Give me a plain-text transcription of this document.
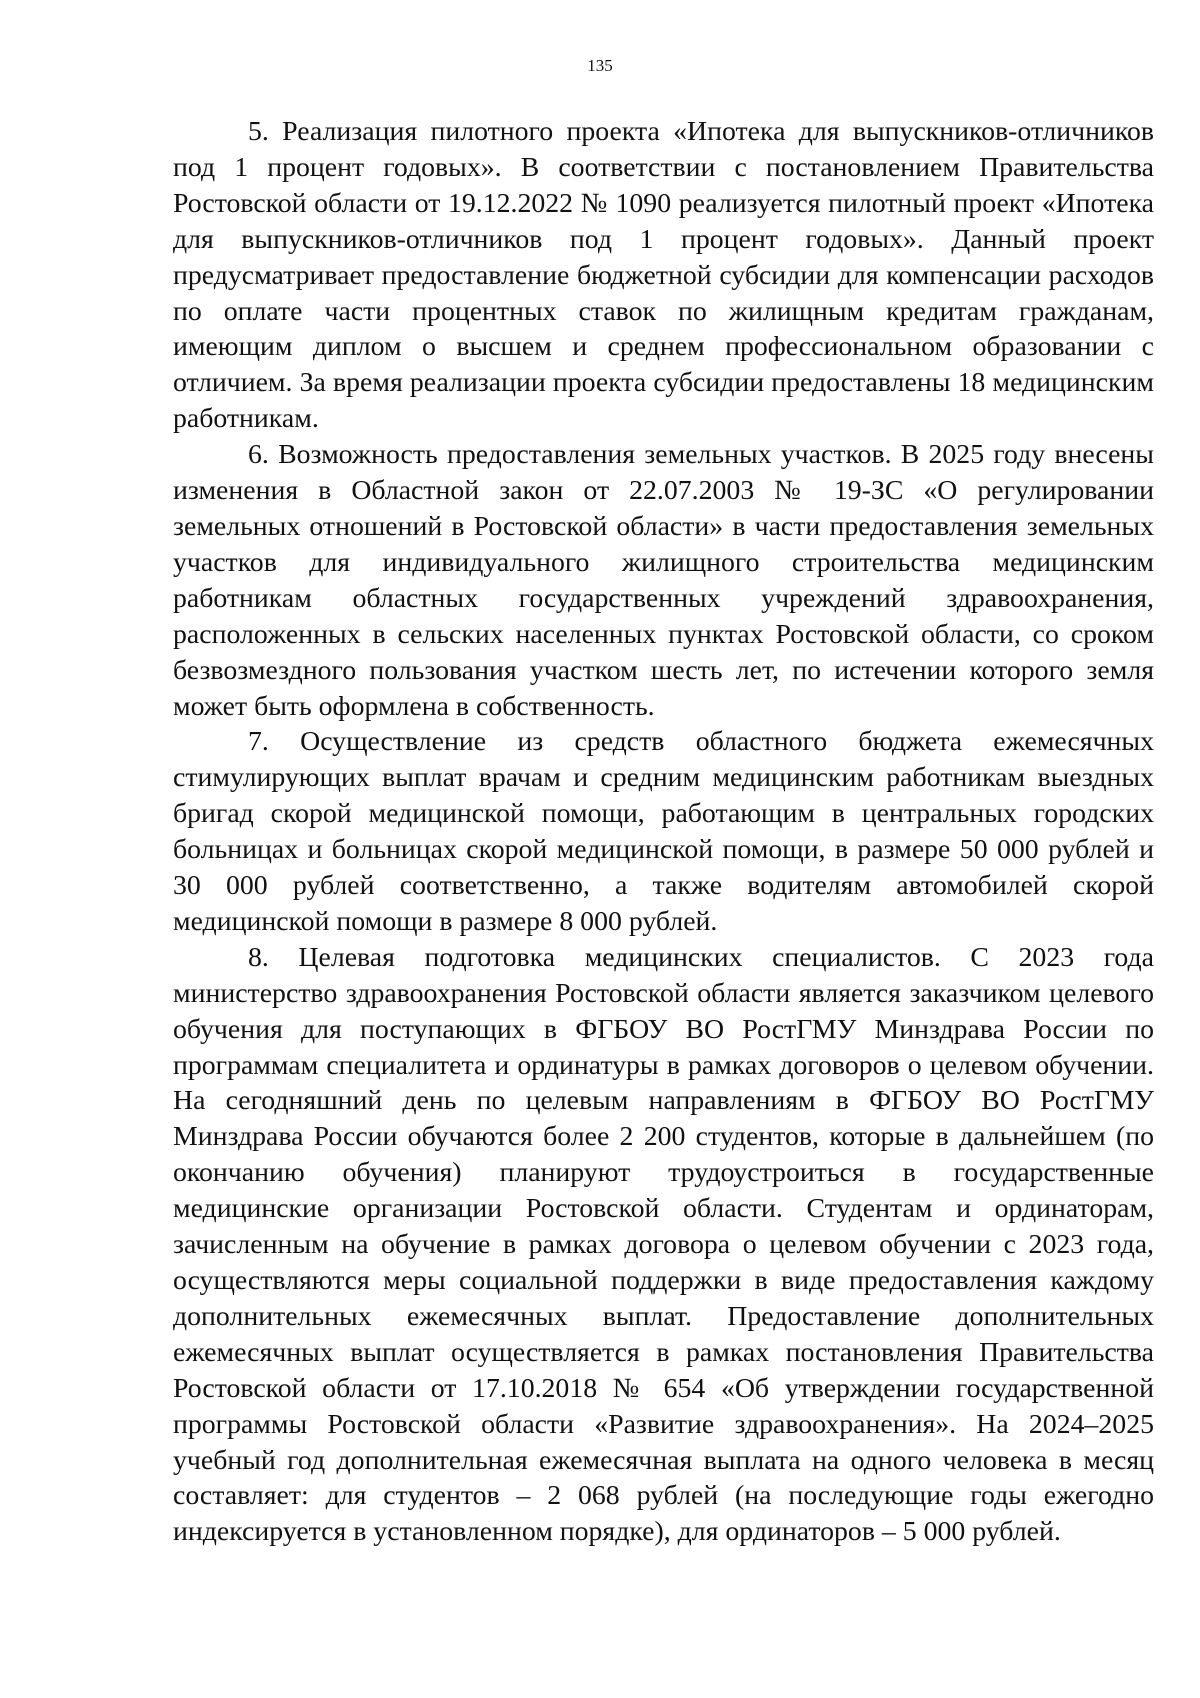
135

5. Реализация пилотного проекта «Ипотека для выпускников-отличников под 1 процент годовых». В соответствии с постановлением Правительства Ростовской области от 19.12.2022 № 1090 реализуется пилотный проект «Ипотека для выпускников-отличников под 1 процент годовых». Данный проект предусматривает предоставление бюджетной субсидии для компенсации расходов по оплате части процентных ставок по жилищным кредитам гражданам, имеющим диплом о высшем и среднем профессиональном образовании с отличием. За время реализации проекта субсидии предоставлены 18 медицинским работникам.

6. Возможность предоставления земельных участков. В 2025 году внесены изменения в Областной закон от 22.07.2003 № 19-ЗС «О регулировании земельных отношений в Ростовской области» в части предоставления земельных участков для индивидуального жилищного строительства медицинским работникам областных государственных учреждений здравоохранения, расположенных в сельских населенных пунктах Ростовской области, со сроком безвозмездного пользования участком шесть лет, по истечении которого земля может быть оформлена в собственность.

7. Осуществление из средств областного бюджета ежемесячных стимулирующих выплат врачам и средним медицинским работникам выездных бригад скорой медицинской помощи, работающим в центральных городских больницах и больницах скорой медицинской помощи, в размере 50 000 рублей и 30 000 рублей соответственно, а также водителям автомобилей скорой медицинской помощи в размере 8 000 рублей.

8. Целевая подготовка медицинских специалистов. С 2023 года министерство здравоохранения Ростовской области является заказчиком целевого обучения для поступающих в ФГБОУ ВО РостГМУ Минздрава России по программам специалитета и ординатуры в рамках договоров о целевом обучении. На сегодняшний день по целевым направлениям в ФГБОУ ВО РостГМУ Минздрава России обучаются более 2 200 студентов, которые в дальнейшем (по окончанию обучения) планируют трудоустроиться в государственные медицинские организации Ростовской области. Студентам и ординаторам, зачисленным на обучение в рамках договора о целевом обучении с 2023 года, осуществляются меры социальной поддержки в виде предоставления каждому дополнительных ежемесячных выплат. Предоставление дополнительных ежемесячных выплат осуществляется в рамках постановления Правительства Ростовской области от 17.10.2018 № 654 «Об утверждении государственной программы Ростовской области «Развитие здравоохранения». На 2024–2025 учебный год дополнительная ежемесячная выплата на одного человека в месяц составляет: для студентов – 2 068 рублей (на последующие годы ежегодно индексируется в установленном порядке), для ординаторов – 5 000 рублей.
